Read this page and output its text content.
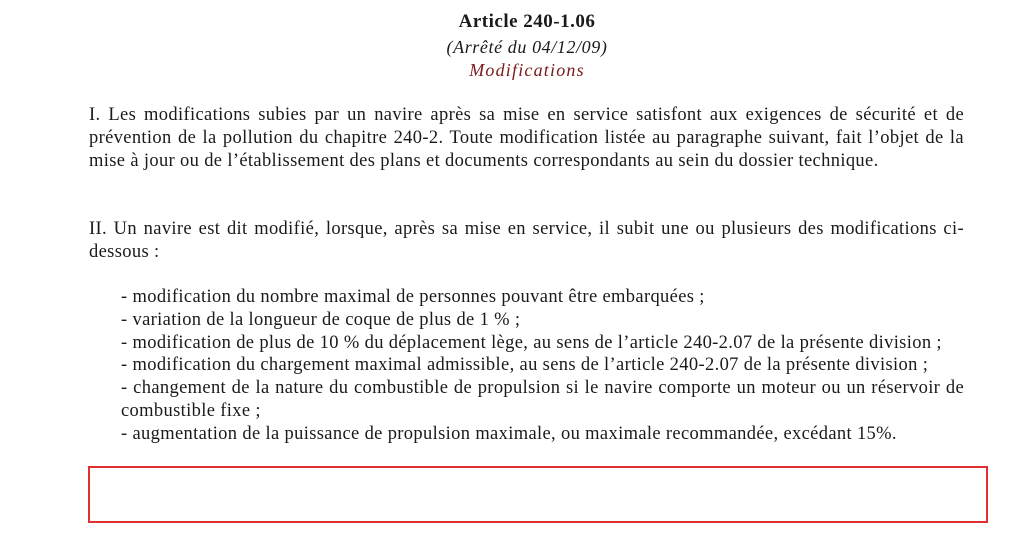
Article 240-1.06
(Arrêté du 04/12/09)
Modifications

I. Les modifications subies par un navire après sa mise en service satisfont aux exigences de sécurité et de prévention de la pollution du chapitre 240-2. Toute modification listée au paragraphe suivant, fait l’objet de la mise à jour ou de l’établissement des plans et documents correspondants au sein du dossier technique.

II. Un navire est dit modifié, lorsque, après sa mise en service, il subit une ou plusieurs des modifications ci-dessous :

- modification du nombre maximal de personnes pouvant être embarquées ;
- variation de la longueur de coque de plus de 1 % ;
- modification de plus de 10 % du déplacement lège, au sens de l’article 240-2.07 de la présente division ;
- modification du chargement maximal admissible, au sens de l’article 240-2.07 de la présente division ;
- changement de la nature du combustible de propulsion si le navire comporte un moteur ou un réservoir de combustible fixe ;
- augmentation de la puissance de propulsion maximale, ou maximale recommandée, excédant 15%.
